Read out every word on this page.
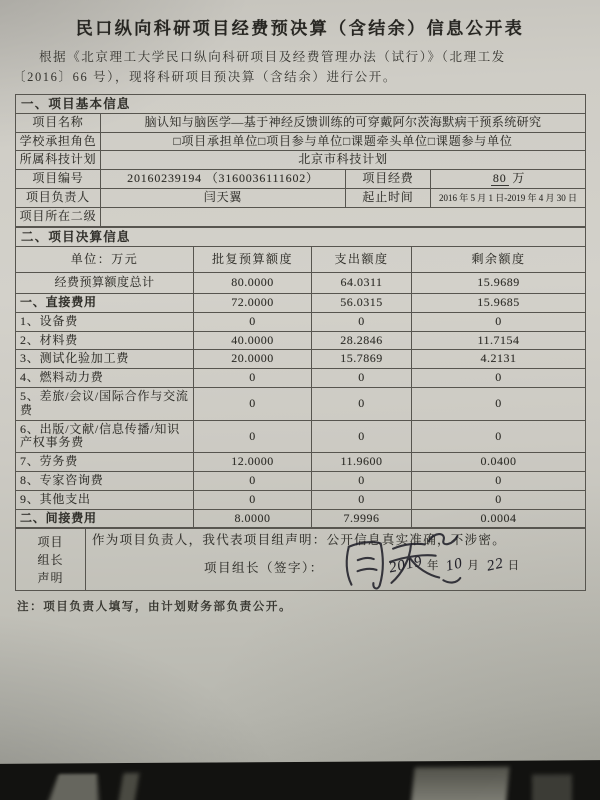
民口纵向科研项目经费预决算（含结余）信息公开表

根据《北京理工大学民口纵向科研项目及经费管理办法（试行）》（北理工发

〔2016〕66 号），现将科研项目预决算（含结余）进行公开。

一、项目基本信息			
项目名称	脑认知与脑医学—基于神经反馈训练的可穿戴阿尔茨海默病干预系统研究		
学校承担角色	□项目承担单位□项目参与单位□课题牵头单位□课题参与单位		
所属科技计划	北京市科技计划		
项目编号	20160239194 （3160036111602）	项目经费	80 万
项目负责人	闫天翼	起止时间	2016 年 5 月 1 日-2019 年 4 月 30 日
项目所在二级			
二、项目决算信息			
单位：万元	批复预算额度	支出额度	剩余额度
经费预算额度总计	80.0000	64.0311	15.9689
一、直接费用	72.0000	56.0315	15.9685
1、设备费	0	0	0
2、材料费	40.0000	28.2846	11.7154
3、测试化验加工费	20.0000	15.7869	4.2131
4、燃料动力费	0	0	0
5、差旅/会议/国际合作与交流费	0	0	0
6、出版/文献/信息传播/知识产权事务费	0	0	0
7、劳务费	12.0000	11.9600	0.0400
8、专家咨询费	0	0	0
9、其他支出	0	0	0
二、间接费用	8.0000	7.9996	0.0004
项目
组长
声明

作为项目负责人，我代表项目组声明：公开信息真实准确，不涉密。
项目组长（签字）：	2019 年 10 月 22 日

注：项目负责人填写，由计划财务部负责公开。
